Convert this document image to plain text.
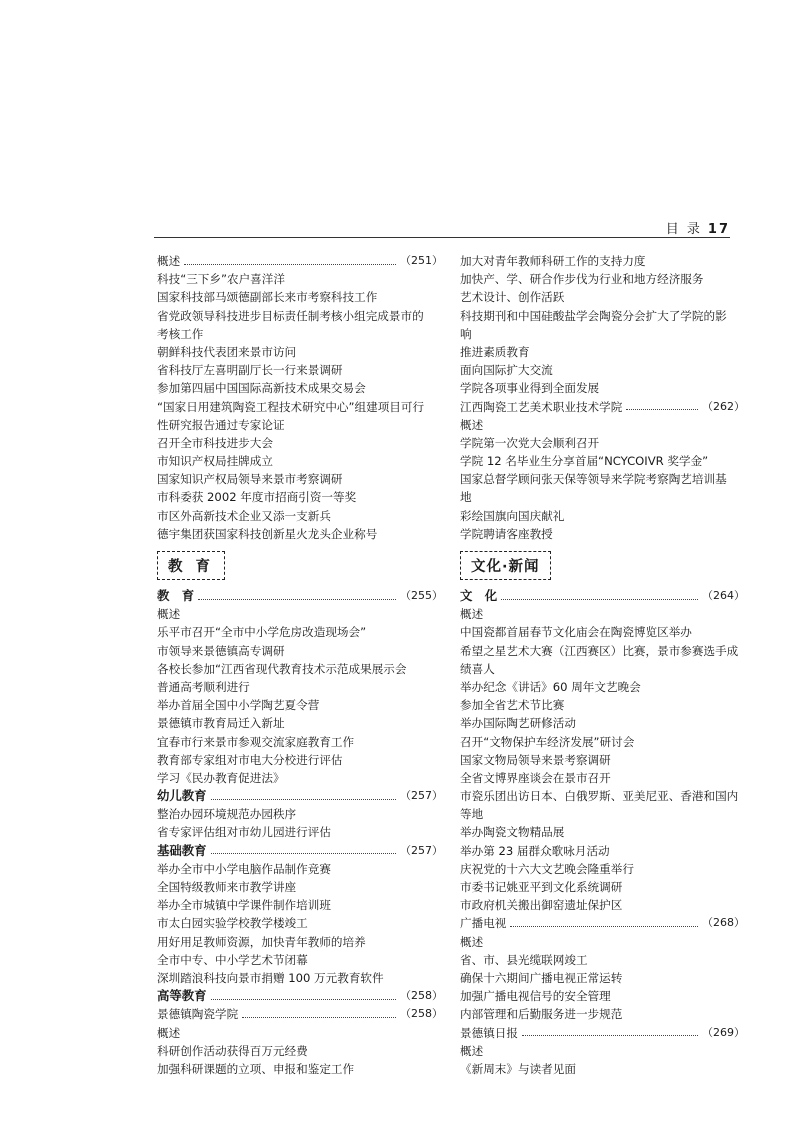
目 录 17
概述	（251）
科技“三下乡”农户喜洋洋
国家科技部马颂德副部长来市考察科技工作
省党政领导科技进步目标责任制考核小组完成景市的
考核工作
朝鲜科技代表团来景市访问
省科技厅左喜明副厅长一行来景调研
参加第四届中国国际高新技术成果交易会
“国家日用建筑陶瓷工程技术研究中心”组建项目可行
性研究报告通过专家论证
召开全市科技进步大会
市知识产权局挂牌成立
国家知识产权局领导来景市考察调研
市科委获 2002 年度市招商引资一等奖
市区外高新技术企业又添一支新兵
德宇集团获国家科技创新星火龙头企业称号
教 育
教　育	（255）
概述
乐平市召开“全市中小学危房改造现场会”
市领导来景德镇高专调研
各校长参加“江西省现代教育技术示范成果展示会
普通高考顺利进行
举办首届全国中小学陶艺夏令营
景德镇市教育局迁入新址
宜春市行来景市参观交流家庭教育工作
教育部专家组对市电大分校进行评估
学习《民办教育促进法》
幼儿教育	（257）
整治办园环境规范办园秩序
省专家评估组对市幼儿园进行评估
基础教育	（257）
举办全市中小学电脑作品制作竞赛
全国特级教师来市教学讲座
举办全市城镇中学课件制作培训班
市太白园实验学校教学楼竣工
用好用足教师资源，加快青年教师的培养
全市中专、中小学艺术节闭幕
深圳踏浪科技向景市捐赠 100 万元教育软件
高等教育	（258）
景德镇陶瓷学院	（258）
概述
科研创作活动获得百万元经费
加强科研课题的立项、申报和鉴定工作
加大对青年教师科研工作的支持力度
加快产、学、研合作步伐为行业和地方经济服务
艺术设计、创作活跃
科技期刊和中国硅酸盐学会陶瓷分会扩大了学院的影
响
推进素质教育
面向国际扩大交流
学院各项事业得到全面发展
江西陶瓷工艺美术职业技术学院	（262）
概述
学院第一次党大会顺利召开
学院 12 名毕业生分享首届“NCYCOIVR 奖学金”
国家总督学顾问张天保等领导来学院考察陶艺培训基
地
彩绘国旗向国庆献礼
学院聘请客座教授
文化·新闻
文　化	（264）
概述
中国瓷都首届春节文化庙会在陶瓷博览区举办
希望之星艺术大赛（江西赛区）比赛，景市参赛选手成
绩喜人
举办纪念《讲话》60 周年文艺晚会
参加全省艺术节比赛
举办国际陶艺研修活动
召开“文物保护车经济发展”研讨会
国家文物局领导来景考察调研
全省文博界座谈会在景市召开
市瓷乐团出访日本、白俄罗斯、亚美尼亚、香港和国内
等地
举办陶瓷文物精品展
举办第 23 届群众歌咏月活动
庆祝党的十六大文艺晚会隆重举行
市委书记姚亚平到文化系统调研
市政府机关搬出御窑遗址保护区
广播电视	（268）
概述
省、市、县光缆联网竣工
确保十六期间广播电视正常运转
加强广播电视信号的安全管理
内部管理和后勤服务进一步规范
景德镇日报	（269）
概述
《新周末》与读者见面
